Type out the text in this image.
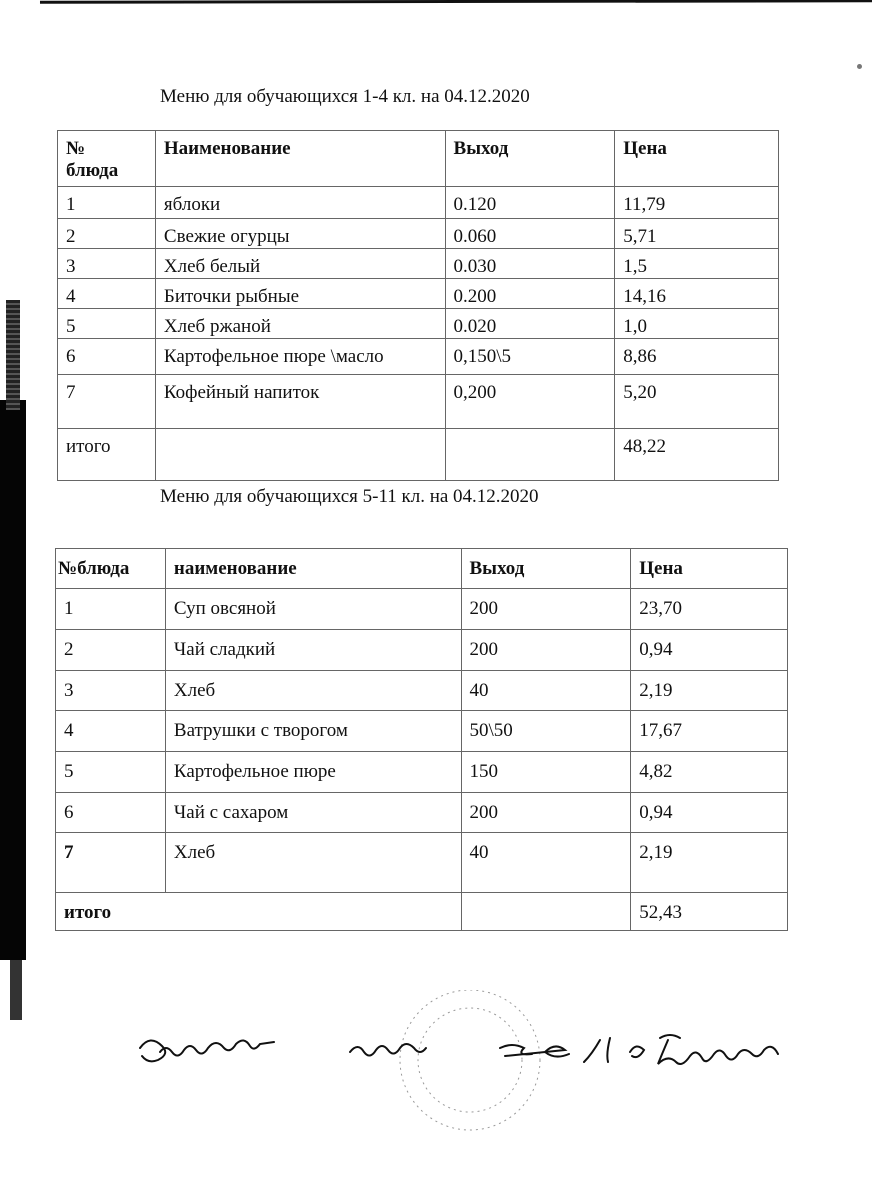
Меню для обучающихся 1-4 кл. на 04.12.2020
№
блюда	Наименование	Выход	Цена
1	яблоки	0.120	11,79
2	Свежие огурцы	0.060	5,71
3	Хлеб белый	0.030	1,5
4	Биточки рыбные	0.200	14,16
5	Хлеб ржаной	0.020	1,0
6	Картофельное пюре \масло	0,150\5	8,86
7	Кофейный напиток	0,200	5,20
итого			48,22
Меню для обучающихся 5-11 кл. на 04.12.2020
№блюда	наименование	Выход	Цена
1	Суп овсяной	200	23,70
2	Чай сладкий	200	0,94
3	Хлеб	40	2,19
4	Ватрушки с творогом	50\50	17,67
5	Картофельное пюре	150	4,82
6	Чай с сахаром	200	0,94
7	Хлеб	40	2,19
итого			52,43
